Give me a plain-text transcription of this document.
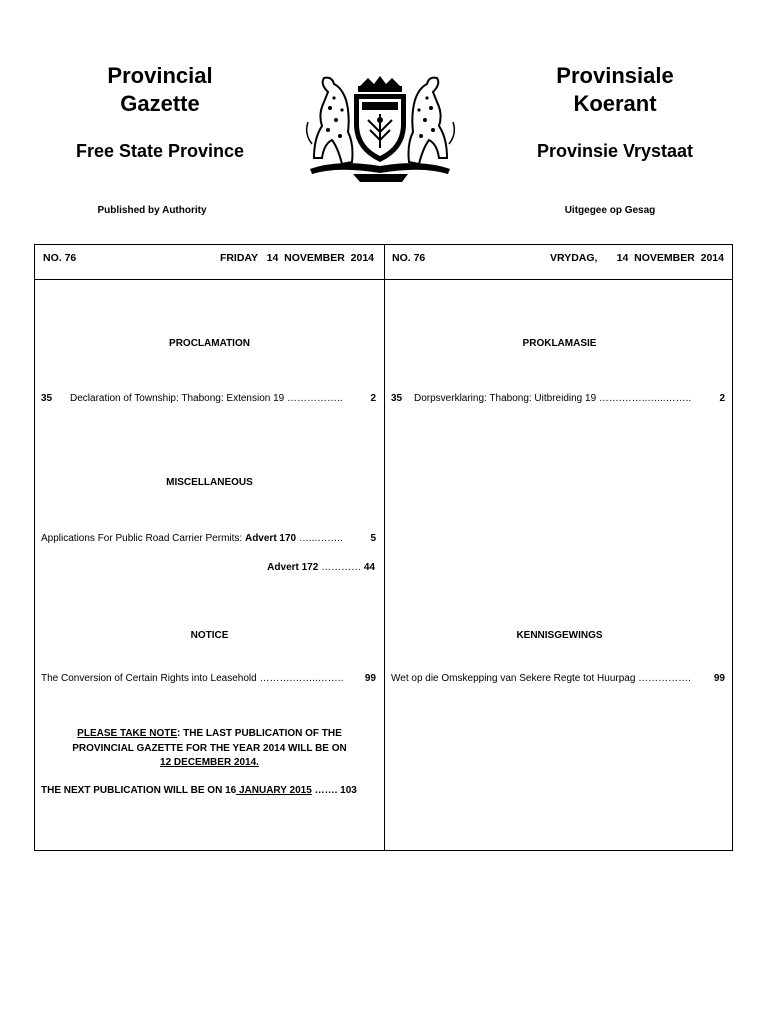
Provincial
Gazette
Provinsiale
Koerant
Free State Province	Provinsie Vrystaat
Published by Authority	Uitgegee op Gesag
NO. 76	FRIDAY   14  NOVEMBER  2014 NO. 76	VRYDAG, 14  NOVEMBER  2014
PROCLAMATION
35 Declaration of Township: Thabong: Extension 19 ……………..	2
MISCELLANEOUS
Applications For Public Road Carrier Permits: Advert 170 …...……..	5
Advert 172 ………… 44
NOTICE
The Conversion of Certain Rights into Leasehold ……….……..…….. 99
PLEASE TAKE NOTE: THE LAST PUBLICATION OF THE
PROVINCIAL GAZETTE FOR THE YEAR 2014 WILL BE ON
12 DECEMBER 2014.
THE NEXT PUBLICATION WILL BE ON 16 JANUARY 2015 ……. 103
PROKLAMASIE
35 Dorpsverklaring: Thabong: Uitbreiding 19 …….……..…...……..	2
KENNISGEWINGS
Wet op die Omskepping van Sekere Regte tot Huurpag ……………. 99
